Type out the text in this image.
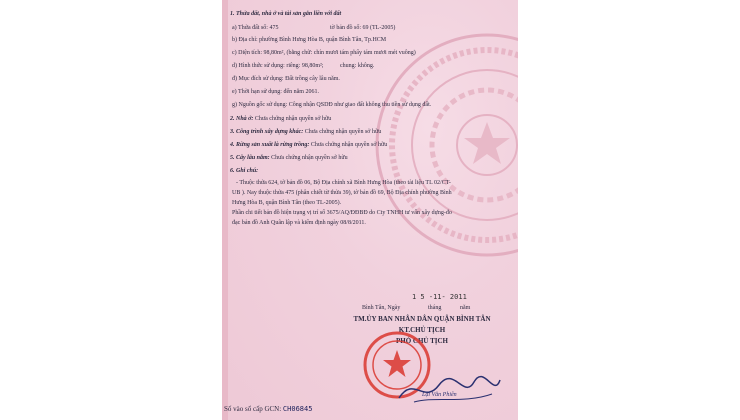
1. Thửa đất, nhà ở và tài sản gắn liền với đất
a) Thửa đất số: 475	tờ bản đồ số: 69 (TL-2005)
b) Địa chỉ: phường Bình Hưng Hòa B, quận Bình Tân, Tp.HCM
c) Diện tích: 98,80m², (bằng chữ: chín mươi tám phẩy tám mươi mét vuông)
d) Hình thức sử dụng: riêng: 98,80m²;	chung: không.
đ) Mục đích sử dụng: Đất trồng cây lâu năm.
e) Thời hạn sử dụng: đến năm 2061.
g) Nguồn gốc sử dụng: Công nhận QSDĐ như giao đất không thu tiền sử dụng đất.
2. Nhà ở: Chưa chứng nhận quyền sở hữu
3. Công trình xây dựng khác: Chưa chứng nhận quyền sở hữu
4. Rừng sản xuất là rừng trồng: Chưa chứng nhận quyền sở hữu
5. Cây lâu năm: Chưa chứng nhận quyền sở hữu
6. Ghi chú:
- Thuộc thửa 624, tờ bản đồ 06, Bộ Địa chính xã Bình Hưng Hòa (theo tài liệu TL 02/CT-
UB ). Nay thuộc thửa 475 (phân chiết từ thửa 39), tờ bản đồ 69, Bộ Địa chính phường Bình
Hưng Hòa B, quận Bình Tân (theo TL-2005).
Phần chi tiết bản đồ hiện trạng vị trí số 3675/AQ/ĐĐBĐ do Cty TNHH tư vấn xây dựng-đo
đạc bản đồ Anh Quân lập và kiểm định ngày 08/8/2011.
1 5 -11- 2011
Bình Tân, Ngày	tháng	năm
TM.ỦY BAN NHÂN DÂN QUẬN BÌNH TÂN
KT.CHỦ TỊCH
PHÓ CHỦ TỊCH
Lại Văn Phiên
Số vào sổ cấp GCN: CH06845
